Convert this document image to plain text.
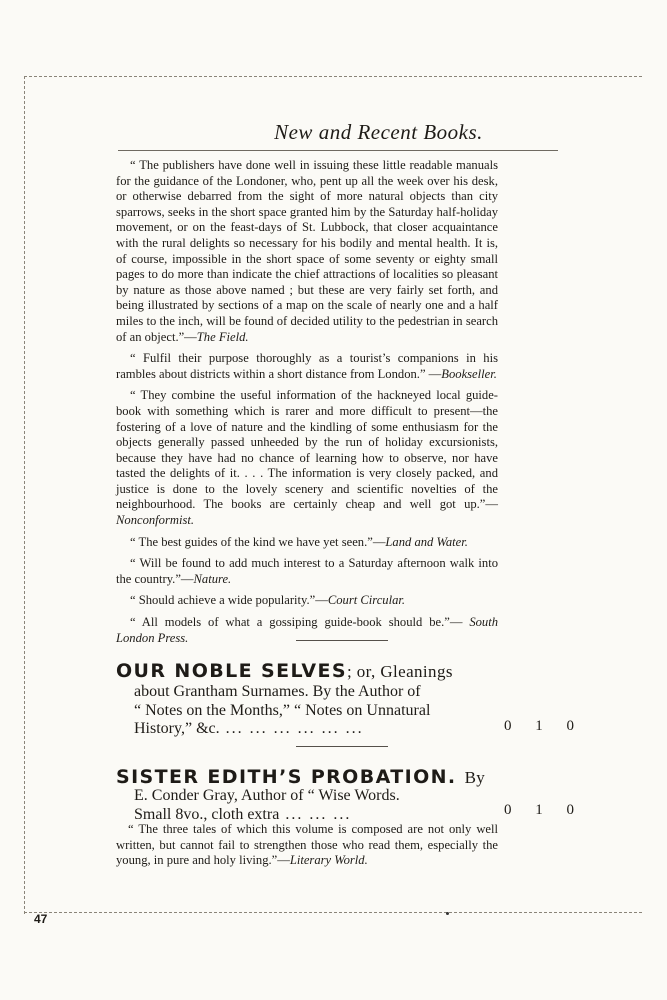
New and Recent Books.

“ The publishers have done well in issuing these little readable manuals for the guidance of the Londoner, who, pent up all the week over his desk, or otherwise debarred from the sight of more natural objects than city sparrows, seeks in the short space granted him by the Saturday half-holiday movement, or on the feast-days of St. Lubbock, that closer acquaintance with the rural delights so necessary for his bodily and mental health. It is, of course, impossible in the short space of some seventy or eighty small pages to do more than indicate the chief attractions of localities so pleasant by nature as those above named ; but these are very fairly set forth, and being illustrated by sections of a map on the scale of nearly one and a half miles to the inch, will be found of decided utility to the pedestrian in search of an object.”—The Field.

“ Fulfil their purpose thoroughly as a tourist’s companions in his rambles about districts within a short distance from London.” —Bookseller.

“ They combine the useful information of the hackneyed local guide-book with something which is rarer and more difficult to present—the fostering of a love of nature and the kindling of some enthusiasm for the objects generally passed unheeded by the run of holiday excursionists, because they have had no chance of learning how to observe, nor have tasted the delights of it. . . . The information is very closely packed, and justice is done to the lovely scenery and scientific novelties of the neighbourhood. The books are certainly cheap and well got up.”—Nonconformist.

“ The best guides of the kind we have yet seen.”—Land and Water.

“ Will be found to add much interest to a Saturday afternoon walk into the country.”—Nature.

“ Should achieve a wide popularity.”—Court Circular.

“ All models of what a gossiping guide-book should be.”— South London Press.

OUR NOBLE SELVES; or, Gleanings
about Grantham Surnames. By the Author of
“ Notes on the Months,” “ Notes on Unnatural
History,” &c. ... ... ... ... ... ...	0 1 0
SISTER EDITH’S PROBATION. By
E. Conder Gray, Author of “ Wise Words.
Small 8vo., cloth extra ... ... ...	0 1 0

“ The three tales of which this volume is composed are not only well written, but cannot fail to strengthen those who read them, especially the young, in pure and holy living.”—Literary World.

47
